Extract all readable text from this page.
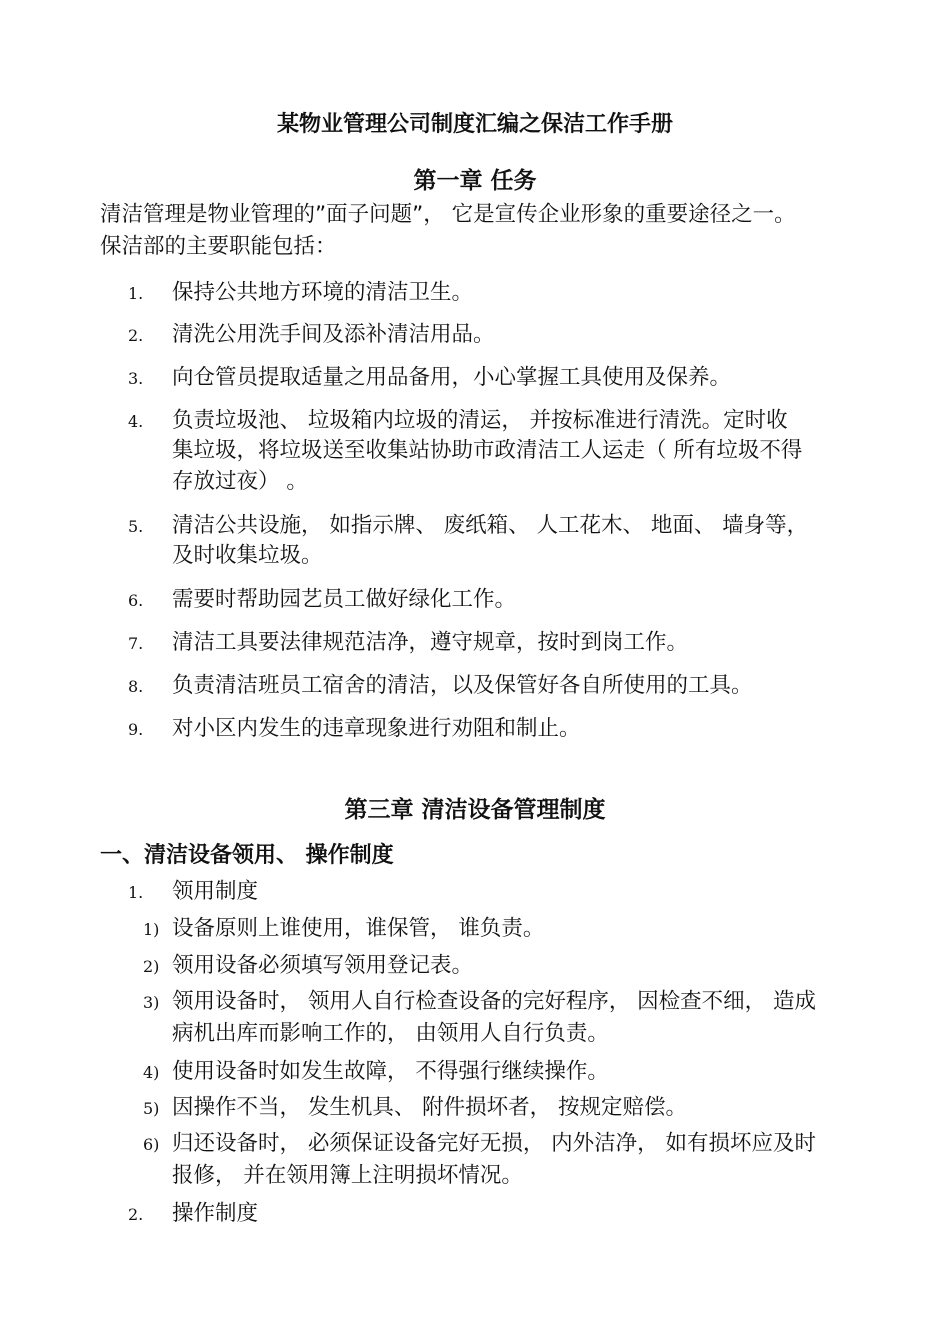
某物业管理公司制度汇编之保洁工作手册
第一章 任务
清洁管理是物业管理的”面子问题”， 它是宣传企业形象的重要途径之一。
保洁部的主要职能包括：
1. 保持公共地方环境的清洁卫生。
2. 清洗公用洗手间及添补清洁用品。
3. 向仓管员提取适量之用品备用，小心掌握工具使用及保养。
4. 负责垃圾池、 垃圾箱内垃圾的清运， 并按标准进行清洗。定时收
集垃圾，将垃圾送至收集站协助市政清洁工人运走（ 所有垃圾不得
存放过夜） 。
5. 清洁公共设施， 如指示牌、 废纸箱、 人工花木、 地面、 墙身等，
及时收集垃圾。
6. 需要时帮助园艺员工做好绿化工作。
7. 清洁工具要法律规范洁净，遵守规章，按时到岗工作。
8. 负责清洁班员工宿舍的清洁，以及保管好各自所使用的工具。
9. 对小区内发生的违章现象进行劝阻和制止。
第三章 清洁设备管理制度
一、清洁设备领用、 操作制度
1. 领用制度
1) 设备原则上谁使用，谁保管， 谁负责。
2) 领用设备必须填写领用登记表。
3) 领用设备时， 领用人自行检查设备的完好程序， 因检查不细， 造成
病机出库而影响工作的， 由领用人自行负责。
4) 使用设备时如发生故障， 不得强行继续操作。
5) 因操作不当， 发生机具、 附件损坏者， 按规定赔偿。
6) 归还设备时， 必须保证设备完好无损， 内外洁净， 如有损坏应及时
报修， 并在领用簿上注明损坏情况。
2. 操作制度
